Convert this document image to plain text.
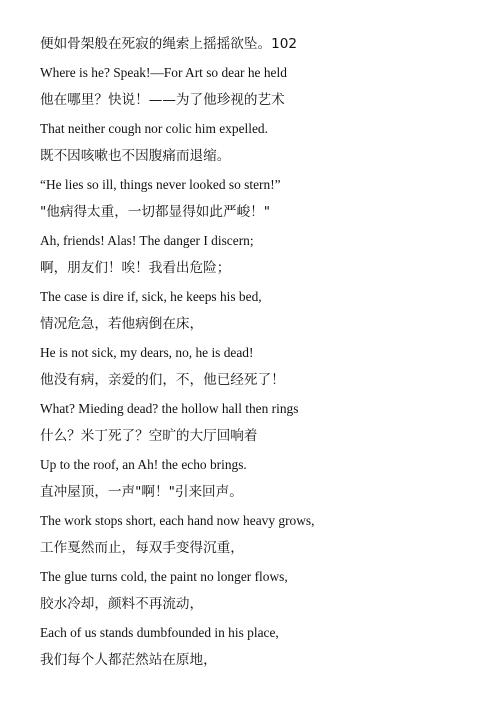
便如骨架般在死寂的绳索上摇摇欲坠。102
Where is he? Speak!—For Art so dear he held
他在哪里？快说！——为了他珍视的艺术
That neither cough nor colic him expelled.
既不因咳嗽也不因腹痛而退缩。
“He lies so ill, things never looked so stern!”
"他病得太重，一切都显得如此严峻！"
Ah, friends! Alas! The danger I discern;
啊，朋友们！唉！我看出危险；
The case is dire if, sick, he keeps his bed,
情况危急，若他病倒在床，
He is not sick, my dears, no, he is dead!
他没有病，亲爱的们，不，他已经死了！
What? Mieding dead? the hollow hall then rings
什么？米丁死了？空旷的大厅回响着
Up to the roof, an Ah! the echo brings.
直冲屋顶，一声"啊！"引来回声。
The work stops short, each hand now heavy grows,
工作戛然而止，每双手变得沉重，
The glue turns cold, the paint no longer flows,
胶水冷却，颜料不再流动，
Each of us stands dumbfounded in his place,
我们每个人都茫然站在原地，
